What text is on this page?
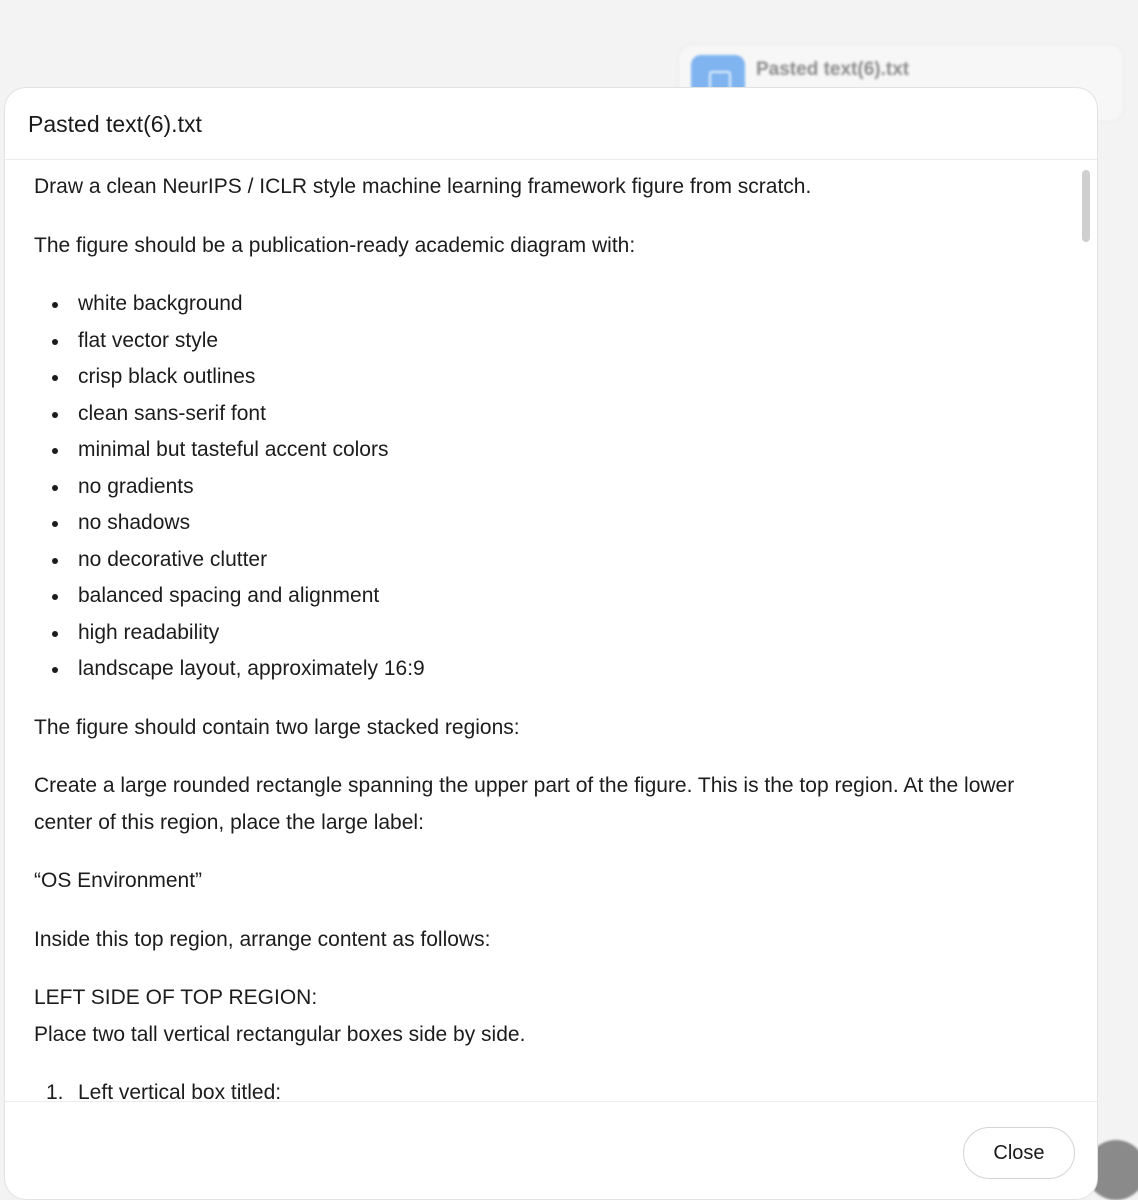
Pasted text(6).txt
Pasted text(6).txt

Draw a clean NeurIPS / ICLR style machine learning framework figure from scratch.

The figure should be a publication-ready academic diagram with:

white background
flat vector style
crisp black outlines
clean sans-serif font
minimal but tasteful accent colors
no gradients
no shadows
no decorative clutter
balanced spacing and alignment
high readability
landscape layout, approximately 16:9

The figure should contain two large stacked regions:

Create a large rounded rectangle spanning the upper part of the figure. This is the top region. At the lower center of this region, place the large label:

“OS Environment”

Inside this top region, arrange content as follows:

LEFT SIDE OF TOP REGION:

Place two tall vertical rectangular boxes side by side.

1. Left vertical box titled:
Close
